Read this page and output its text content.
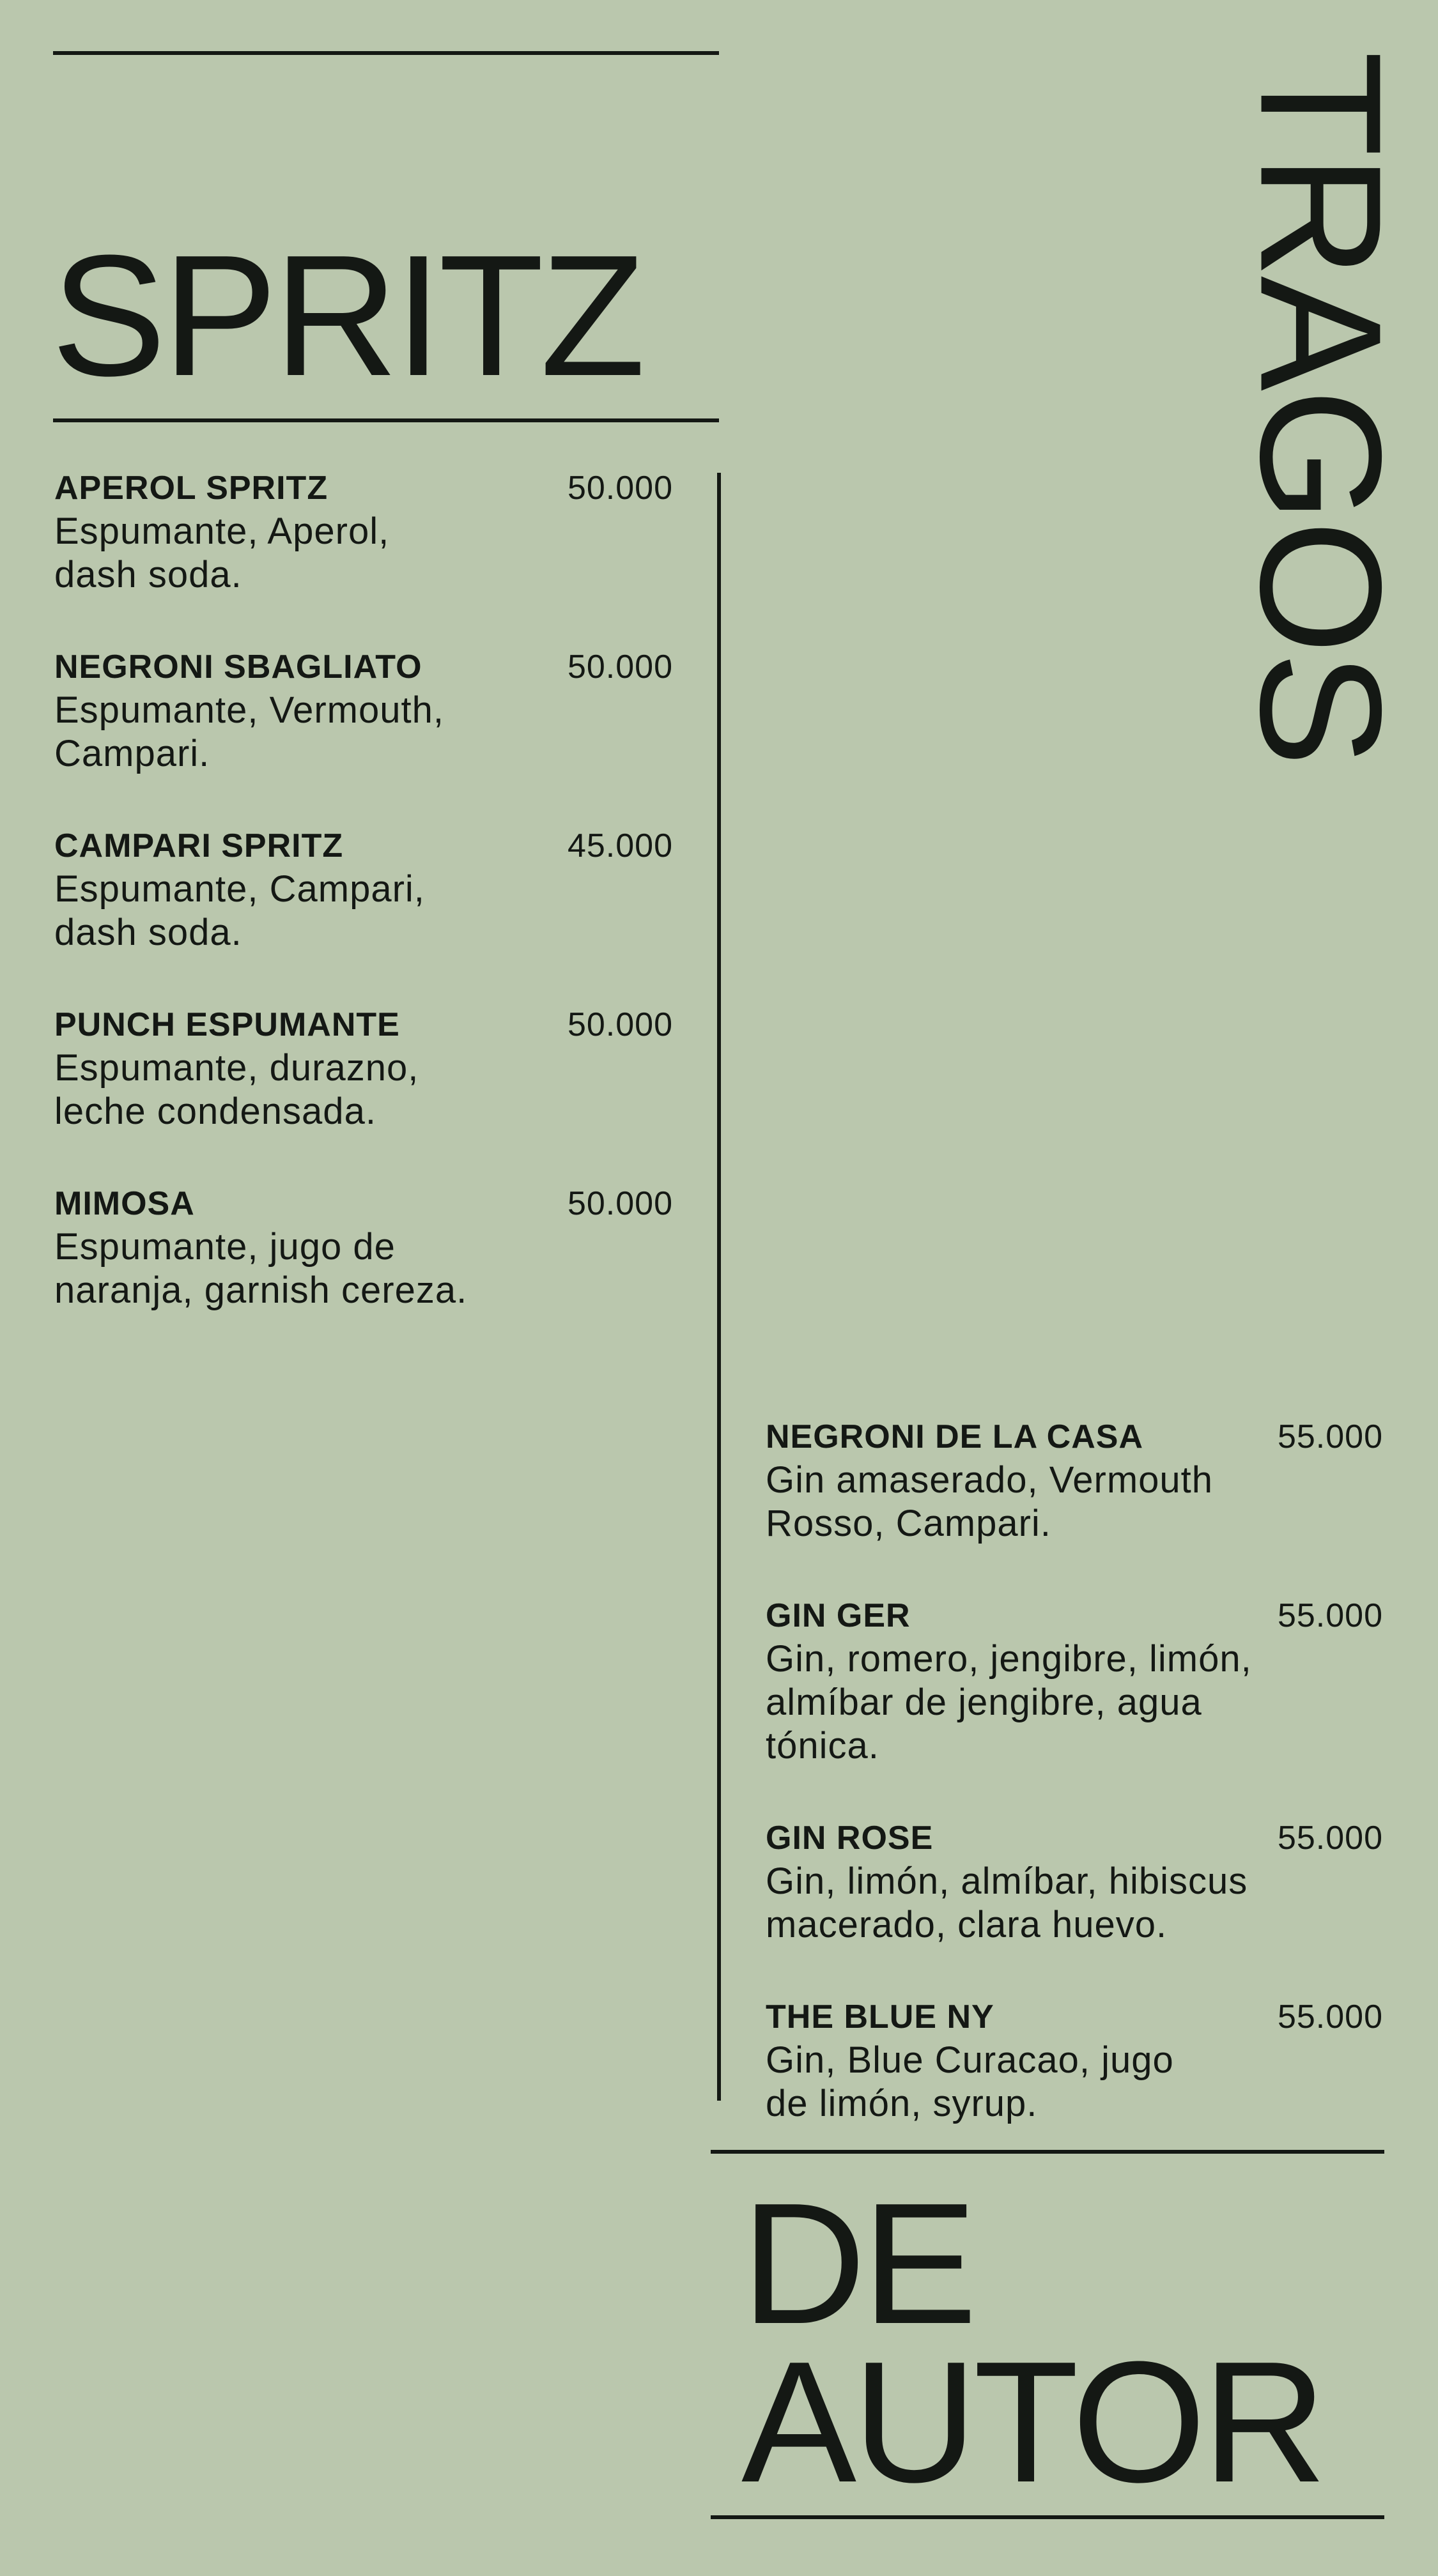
SPRITZ	TRAGOS
DE
AUTOR
APEROL SPRITZ	50.000
Espumante, Aperol,
dash soda.
NEGRONI SBAGLIATO	50.000
Espumante, Vermouth,
Campari.
CAMPARI SPRITZ	45.000
Espumante, Campari,
dash soda.
PUNCH ESPUMANTE	50.000
Espumante, durazno,
leche condensada.
MIMOSA	50.000
Espumante, jugo de
naranja, garnish cereza.
NEGRONI DE LA CASA	55.000
Gin amaserado, Vermouth
Rosso, Campari.
GIN GER	55.000
Gin, romero, jengibre, limón,
almíbar de jengibre, agua
tónica.
GIN ROSE	55.000
Gin, limón, almíbar, hibiscus
macerado, clara huevo.
THE BLUE NY	55.000
Gin, Blue Curacao, jugo
de limón, syrup.
